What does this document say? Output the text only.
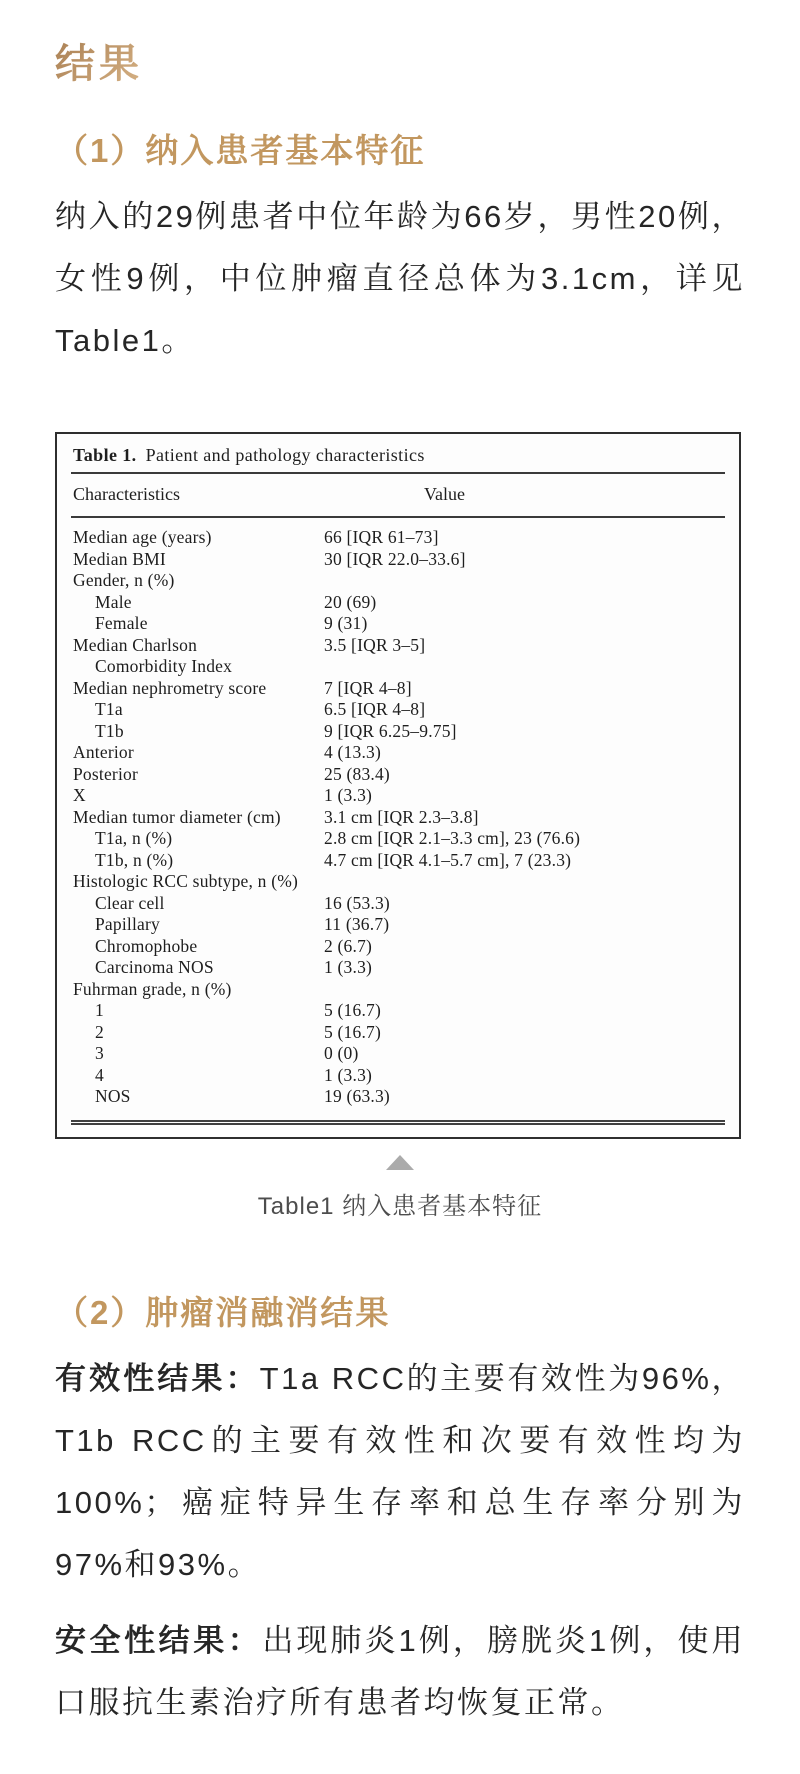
结果
（1）纳入患者基本特征

纳入的29例患者中位年龄为66岁，男性20例，女性9例，中位肿瘤直径总体为3.1cm，详见Table1。

Table 1. Patient and pathology characteristics
Characteristics	Value
Median age (years)	66 [IQR 61–73]
Median BMI	30 [IQR 22.0–33.6]
Gender, n (%)	
Male	20 (69)
Female	9 (31)
Median Charlson	3.5 [IQR 3–5]
Comorbidity Index	
Median nephrometry score	7 [IQR 4–8]
T1a	6.5 [IQR 4–8]
T1b	9 [IQR 6.25–9.75]
Anterior	4 (13.3)
Posterior	25 (83.4)
X	1 (3.3)
Median tumor diameter (cm)	3.1 cm [IQR 2.3–3.8]
T1a, n (%)	2.8 cm [IQR 2.1–3.3 cm], 23 (76.6)
T1b, n (%)	4.7 cm [IQR 4.1–5.7 cm], 7 (23.3)
Histologic RCC subtype, n (%)	
Clear cell	16 (53.3)
Papillary	11 (36.7)
Chromophobe	2 (6.7)
Carcinoma NOS	1 (3.3)
Fuhrman grade, n (%)	
1	5 (16.7)
2	5 (16.7)
3	0 (0)
4	1 (3.3)
NOS	19 (63.3)
Table1 纳入患者基本特征
（2）肿瘤消融消结果

有效性结果：T1a RCC的主要有效性为96%，T1b RCC的主要有效性和次要有效性均为100%；癌症特异生存率和总生存率分别为97%和93%。

安全性结果：出现肺炎1例，膀胱炎1例，使用口服抗生素治疗所有患者均恢复正常。
